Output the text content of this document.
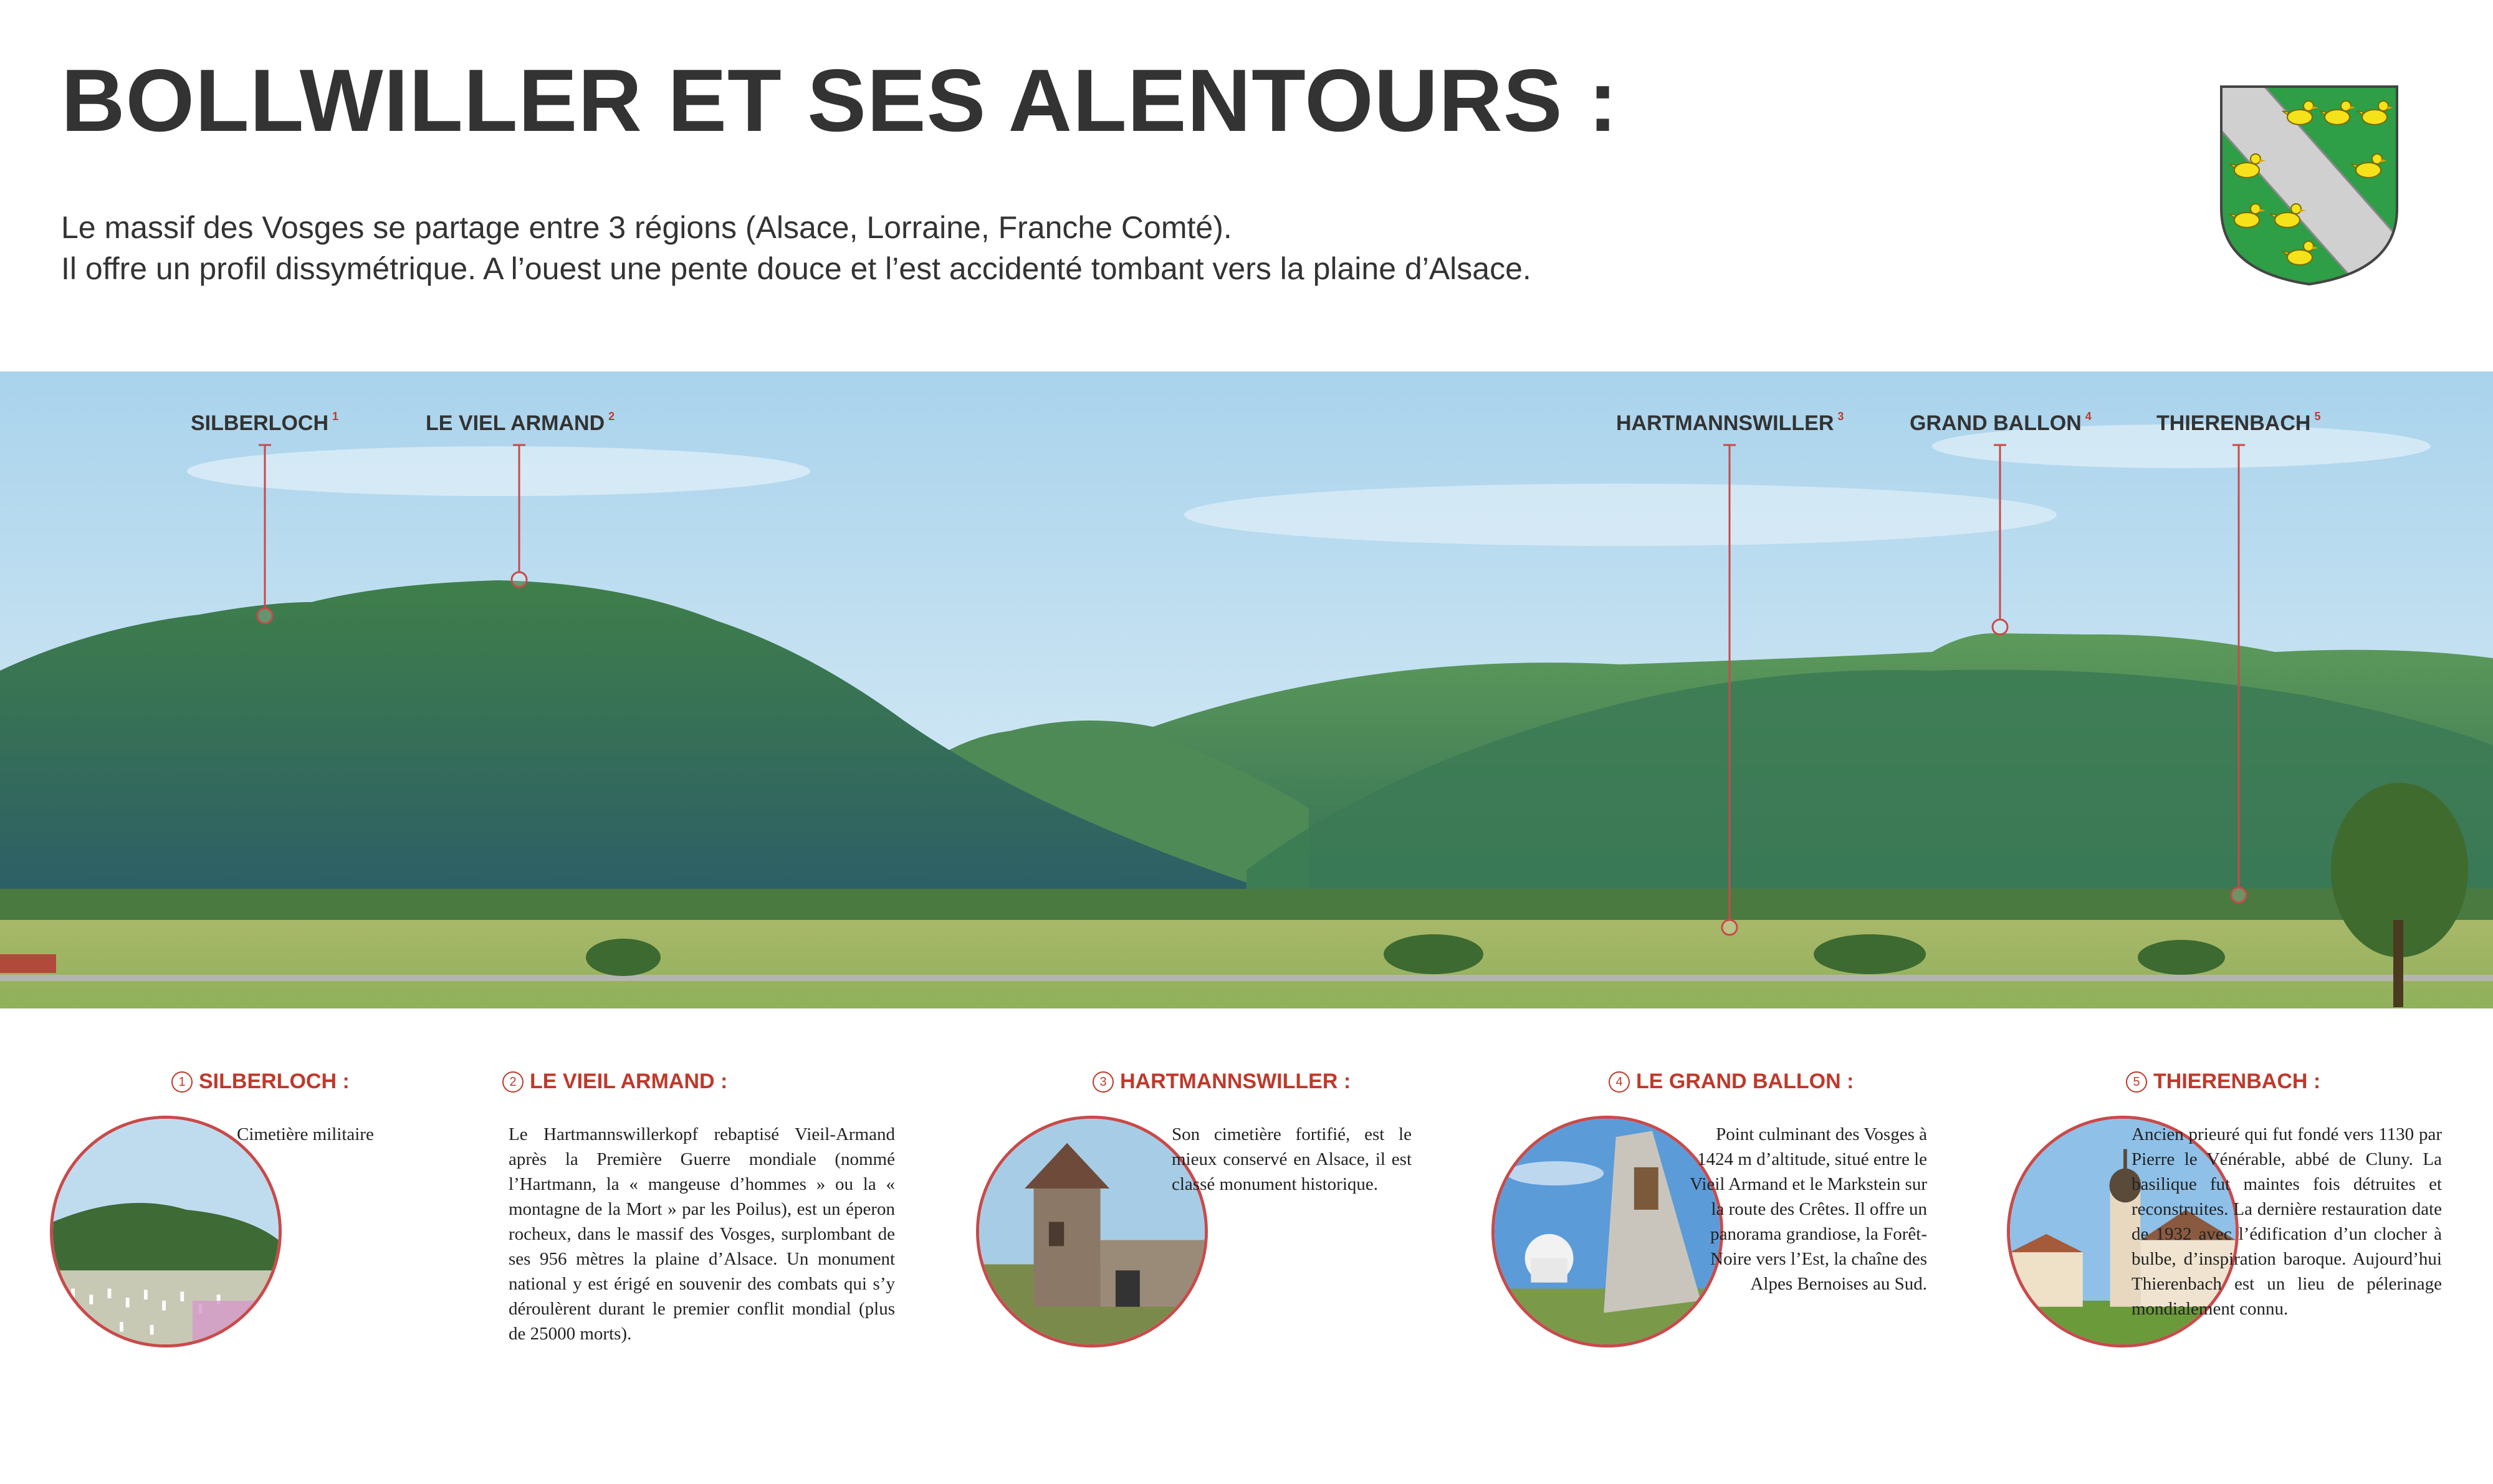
BOLLWILLER ET SES ALENTOURS :
Le massif des Vosges se partage entre 3 régions (Alsace, Lorraine, Franche Comté).
Il offre un profil dissymétrique. A l’ouest une pente douce et l’est accidenté tombant vers la plaine d’Alsace.
SILBERLOCH $^1$	LE VIEL ARMAND $^2$	HARTMANNSWILLER $^3$	GRAND BALLON $^4$	THIERENBACH $^5$
1 SILBERLOCH :
Cimetière militaire
2 LE VIEIL ARMAND :
Le Hartmannswillerkopf rebaptisé Vieil-Armand après la Première Guerre mondiale (nommé l’Hartmann, la « mangeuse d’hommes » ou la « montagne de la Mort » par les Poilus), est un éperon rocheux, dans le massif des Vosges, surplombant de ses 956 mètres la plaine d’Alsace. Un monument national y est érigé en souvenir des combats qui s’y déroulèrent durant le premier conflit mondial (plus de 25000 morts).
3 HARTMANNSWILLER :
Son cimetière fortifié, est le mieux conservé en Alsace, il est classé monument historique.
4 LE GRAND BALLON :
Point culminant des Vosges à 1424 m d’altitude, situé entre le Vieil Armand et le Markstein sur la route des Crêtes. Il offre un panorama grandiose, la Forêt-Noire vers l’Est, la chaîne des Alpes Bernoises au Sud.
5 THIERENBACH :
Ancien prieuré qui fut fondé vers 1130 par Pierre le Vénérable, abbé de Cluny. La basilique fut maintes fois détruites et reconstruites. La dernière restauration date de 1932 avec l’édification d’un clocher à bulbe, d’inspiration baroque. Aujourd’hui Thierenbach est un lieu de pélerinage mondialement connu.
